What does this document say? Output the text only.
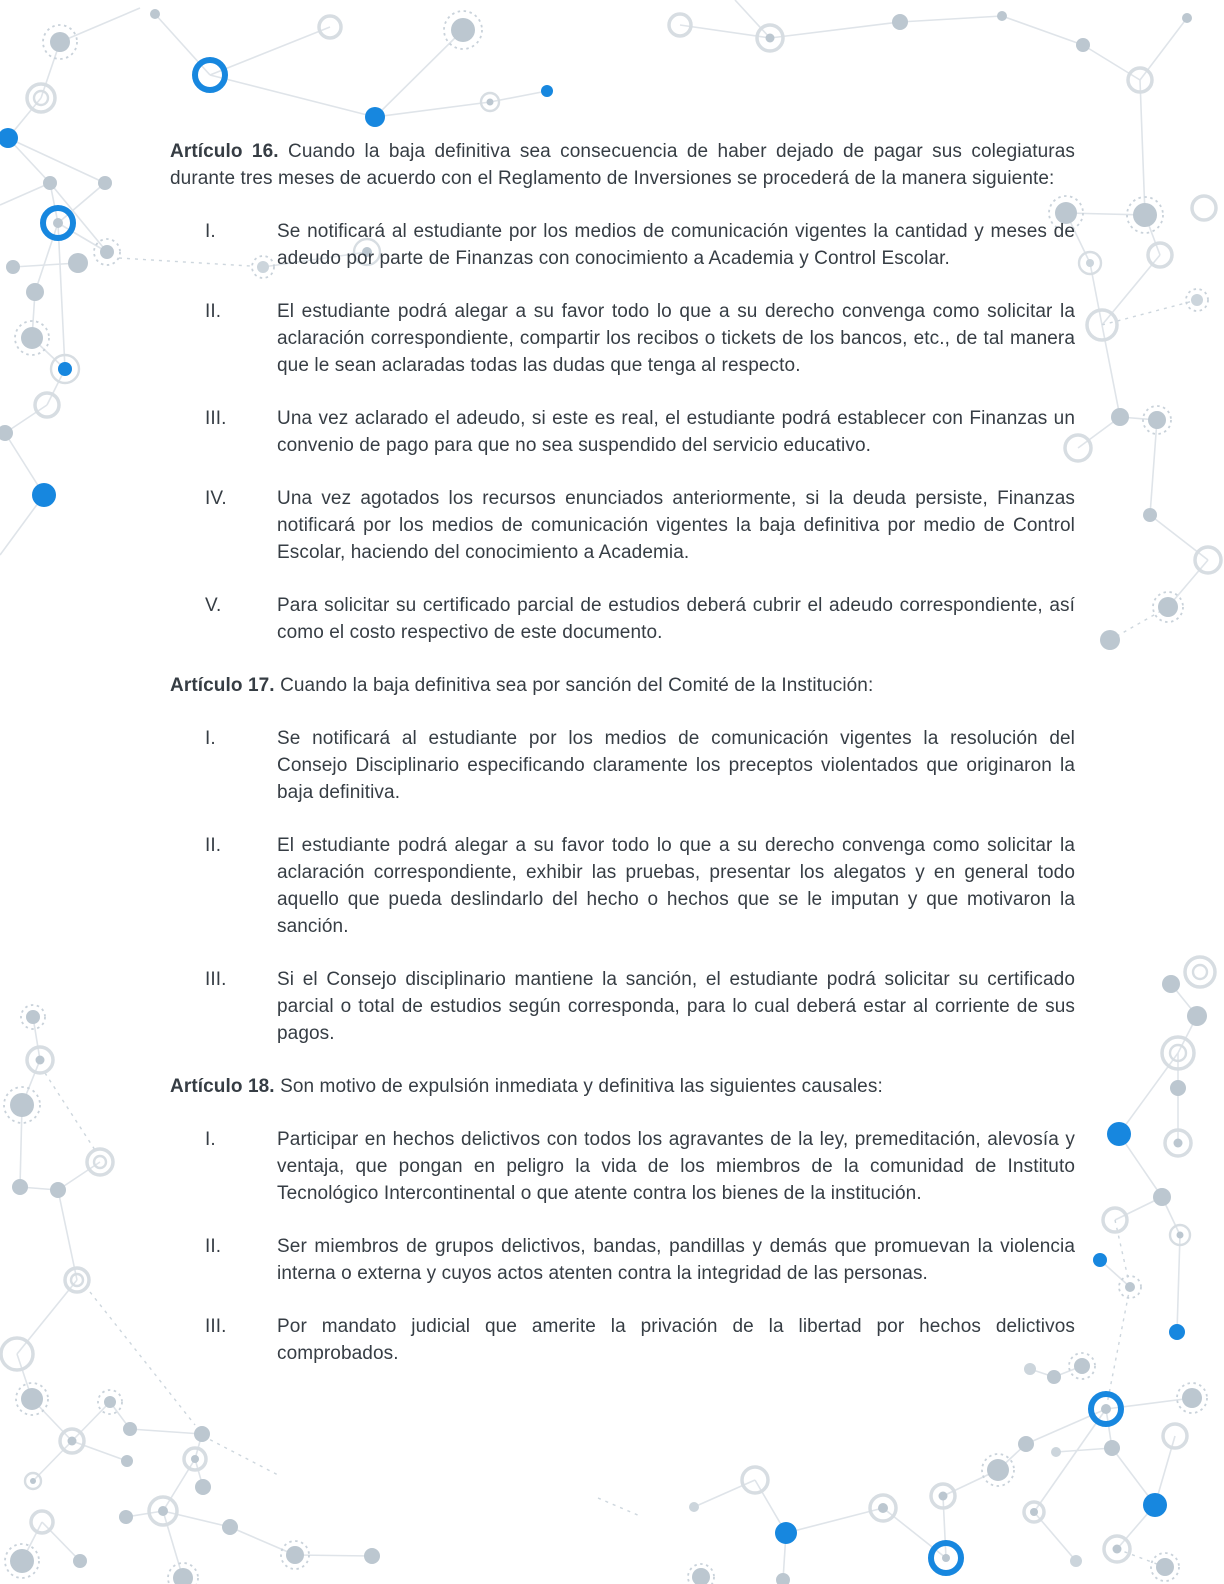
Artículo 16. Cuando la baja definitiva sea consecuencia de haber dejado de pagar sus colegiaturas durante tres meses de acuerdo con el Reglamento de Inversiones se procederá de la manera siguiente:

I.	Se notificará al estudiante por los medios de comunicación vigentes la cantidad y meses de adeudo por parte de Finanzas con conocimiento a Academia y Control Escolar.
II.	El estudiante podrá alegar a su favor todo lo que a su derecho convenga como solicitar la aclaración correspondiente, compartir los recibos o tickets de los bancos, etc., de tal manera que le sean aclaradas todas las dudas que tenga al respecto.
III.	Una vez aclarado el adeudo, si este es real, el estudiante podrá establecer con Finanzas un convenio de pago para que no sea suspendido del servicio educativo.
IV.	Una vez agotados los recursos enunciados anteriormente, si la deuda persiste, Finanzas notificará por los medios de comunicación vigentes la baja definitiva por medio de Control Escolar, haciendo del conocimiento a Academia.
V.	Para solicitar su certificado parcial de estudios deberá cubrir el adeudo correspondiente, así como el costo respectivo de este documento.

Artículo 17. Cuando la baja definitiva sea por sanción del Comité de la Institución:

I.	Se notificará al estudiante por los medios de comunicación vigentes la resolución del Consejo Disciplinario especificando claramente los preceptos violentados que originaron la baja definitiva.
II.	El estudiante podrá alegar a su favor todo lo que a su derecho convenga como solicitar la aclaración correspondiente, exhibir las pruebas, presentar los alegatos y en general todo aquello que pueda deslindarlo del hecho o hechos que se le imputan y que motivaron la sanción.
III.	Si el Consejo disciplinario mantiene la sanción, el estudiante podrá solicitar su certificado parcial o total de estudios según corresponda, para lo cual deberá estar al corriente de sus pagos.

Artículo 18. Son motivo de expulsión inmediata y definitiva las siguientes causales:

I.	Participar en hechos delictivos con todos los agravantes de la ley, premeditación, alevosía y ventaja, que pongan en peligro la vida de los miembros de la comunidad de Instituto Tecnológico Intercontinental o que atente contra los bienes de la institución.
II.	Ser miembros de grupos delictivos, bandas, pandillas y demás que promuevan la violencia interna o externa y cuyos actos atenten contra la integridad de las personas.
III.	Por mandato judicial que amerite la privación de la libertad por hechos delictivos comprobados.
